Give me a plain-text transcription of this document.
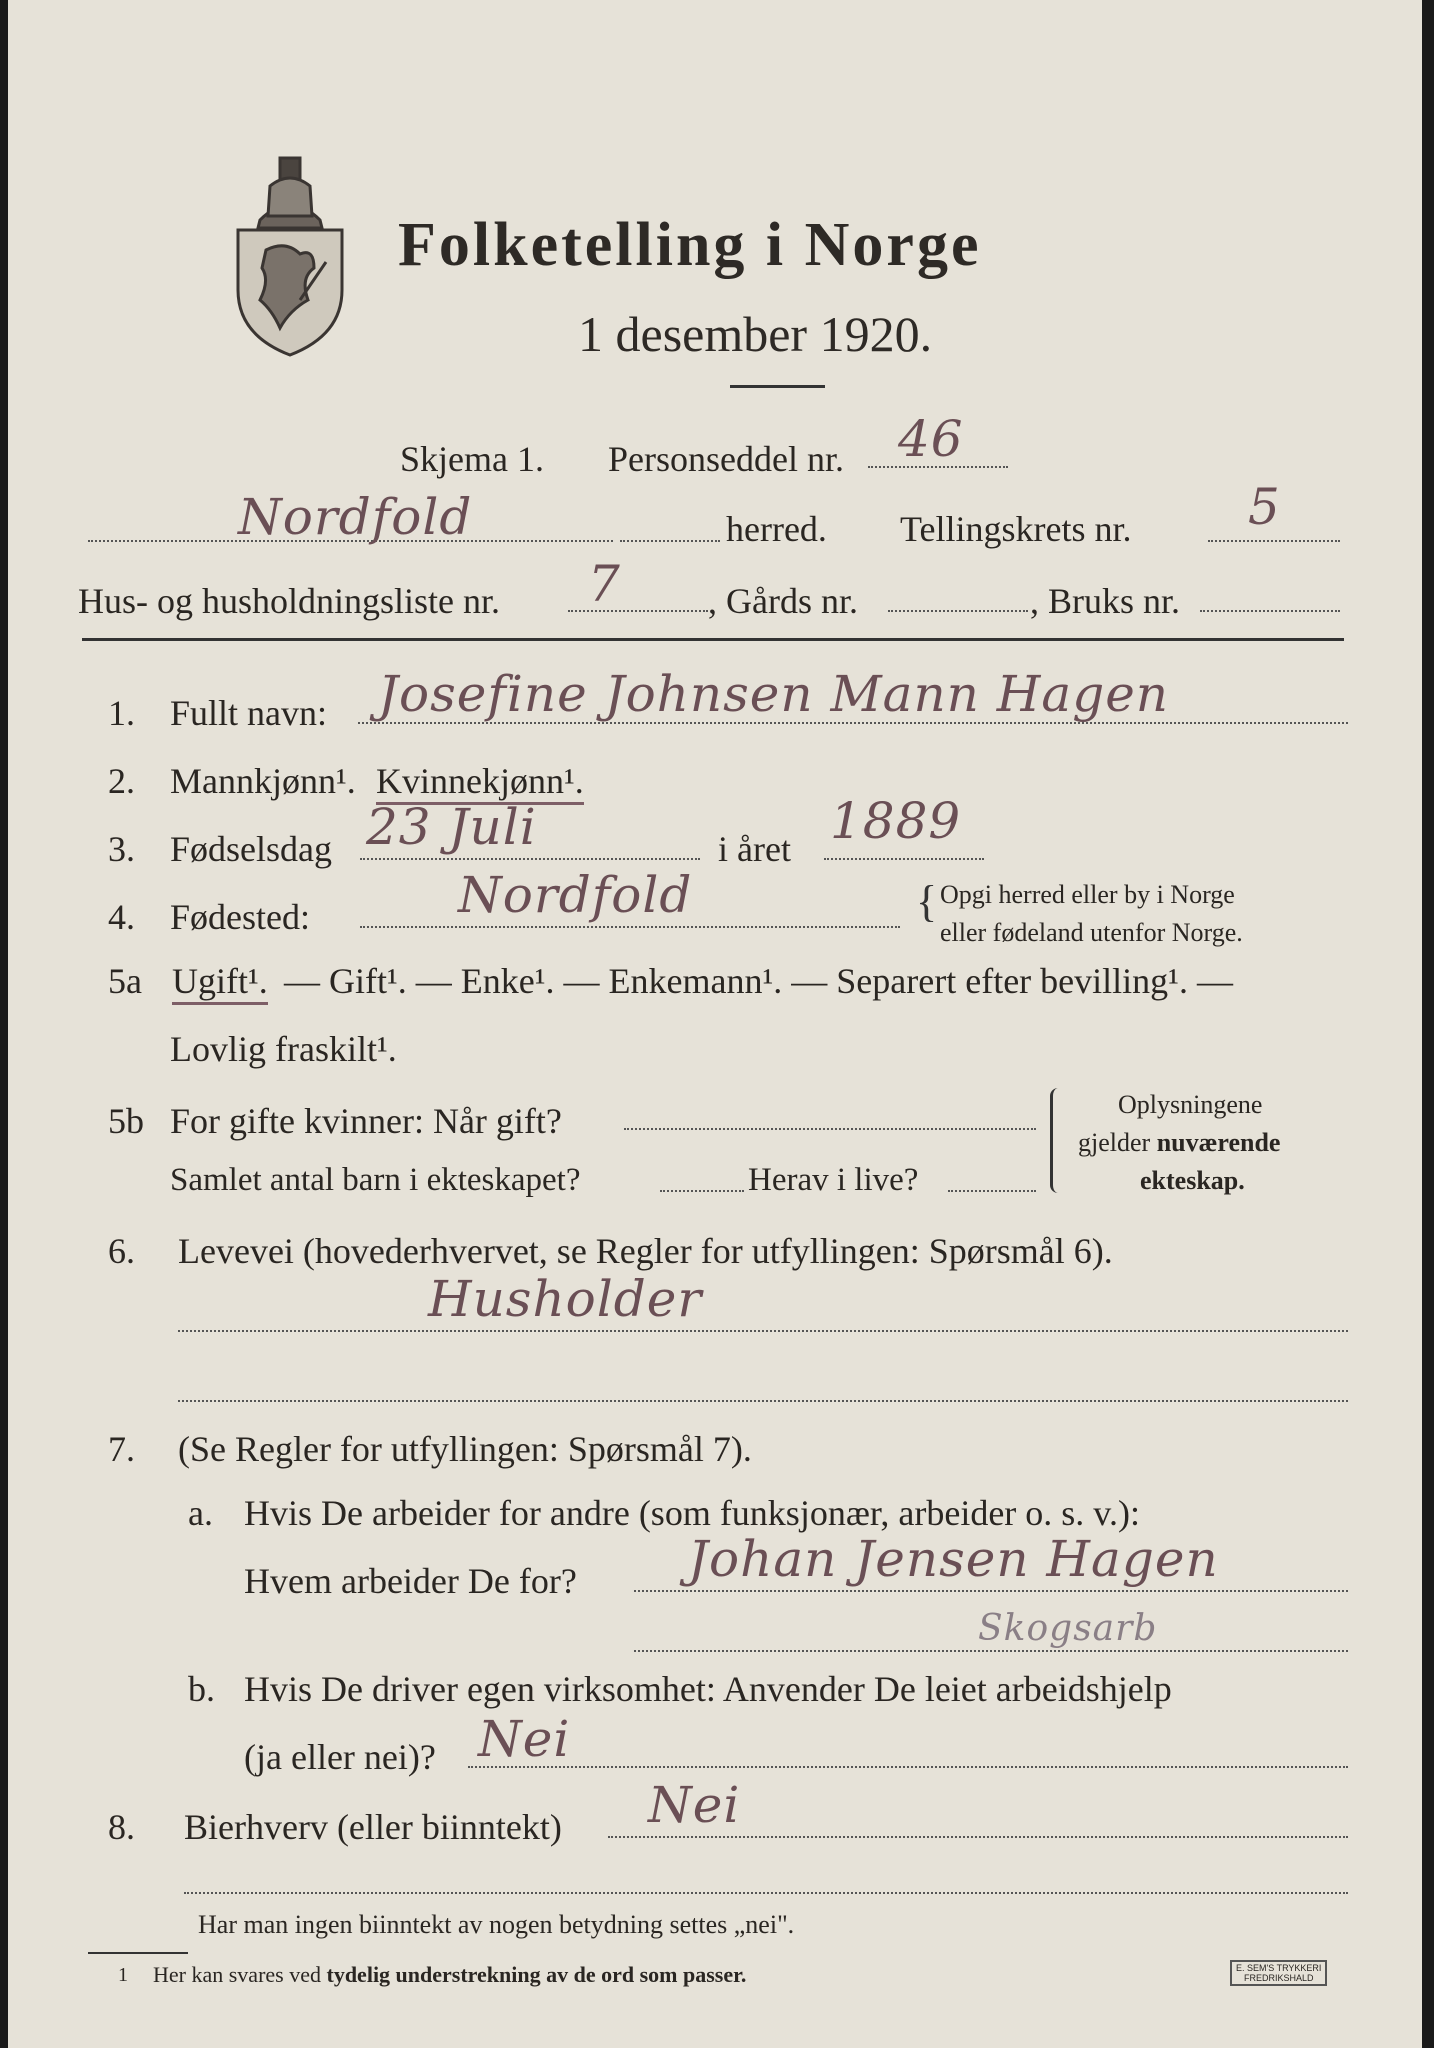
Folketelling i Norge
1 desember 1920.
Skjema 1. Personseddel nr. 46
Nordfold	herred. Tellingskrets nr. 5
Hus- og husholdningsliste nr. 7 , Gårds nr.	, Bruks nr.
1. Fullt navn: Josefine Johnsen Mann Hagen
2. Mannkjønn¹. Kvinnekjønn¹.
3. Fødselsdag 23 Juli	i året 1889
4. Fødested:	Nordfold	{ Opgi herred eller by i Norge
eller fødeland utenfor Norge.
5a Ugift¹. — Gift¹. — Enke¹. — Enkemann¹. — Separert efter bevilling¹. —
Lovlig fraskilt¹.
5b For gifte kvinner: Når gift?
Samlet antal barn i ekteskapet?	Herav i live?
Oplysningene
gjelder nuværende
ekteskap.
6. Levevei (hovederhvervet, se Regler for utfyllingen: Spørsmål 6).
Husholder
7. (Se Regler for utfyllingen: Spørsmål 7).
a. Hvis De arbeider for andre (som funksjonær, arbeider o. s. v.):
Hvem arbeider De for? Johan Jensen Hagen
Skogsarb
b. Hvis De driver egen virksomhet: Anvender De leiet arbeidshjelp
(ja eller nei)? Nei
8. Bierhverv (eller biinntekt) Nei
Har man ingen biinntekt av nogen betydning settes „nei".
1 Her kan svares ved tydelig understrekning av de ord som passer.	E. SEM'S TRYKKERI
FREDRIKSHALD
